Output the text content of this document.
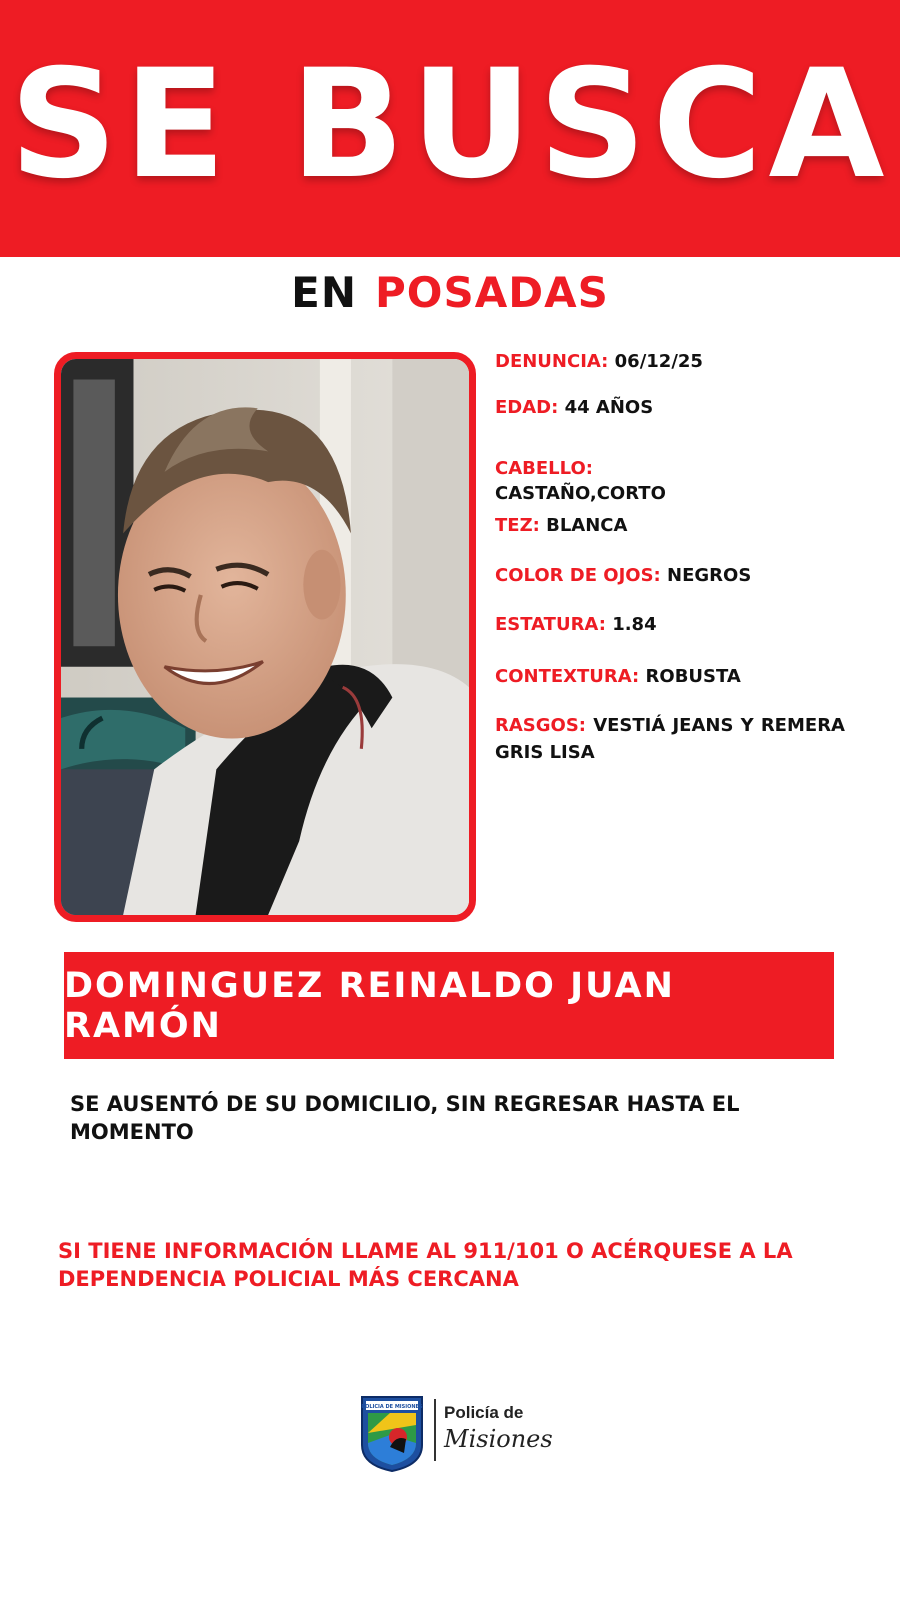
SE BUSCA
EN POSADAS
DENUNCIA: 06/12/25
EDAD: 44 AÑOS
CABELLO:
CASTAÑO,CORTO
TEZ: BLANCA
COLOR DE OJOS: NEGROS
ESTATURA: 1.84
CONTEXTURA: ROBUSTA
RASGOS: VESTIÁ JEANS Y REMERA GRIS LISA
DOMINGUEZ REINALDO JUAN RAMÓN
SE AUSENTÓ DE SU DOMICILIO, SIN REGRESAR HASTA EL MOMENTO
SI TIENE INFORMACIÓN LLAME AL 911/101 O ACÉRQUESE A LA DEPENDENCIA POLICIAL MÁS CERCANA
POLICIA DE MISIONES Policía de
Misiones
